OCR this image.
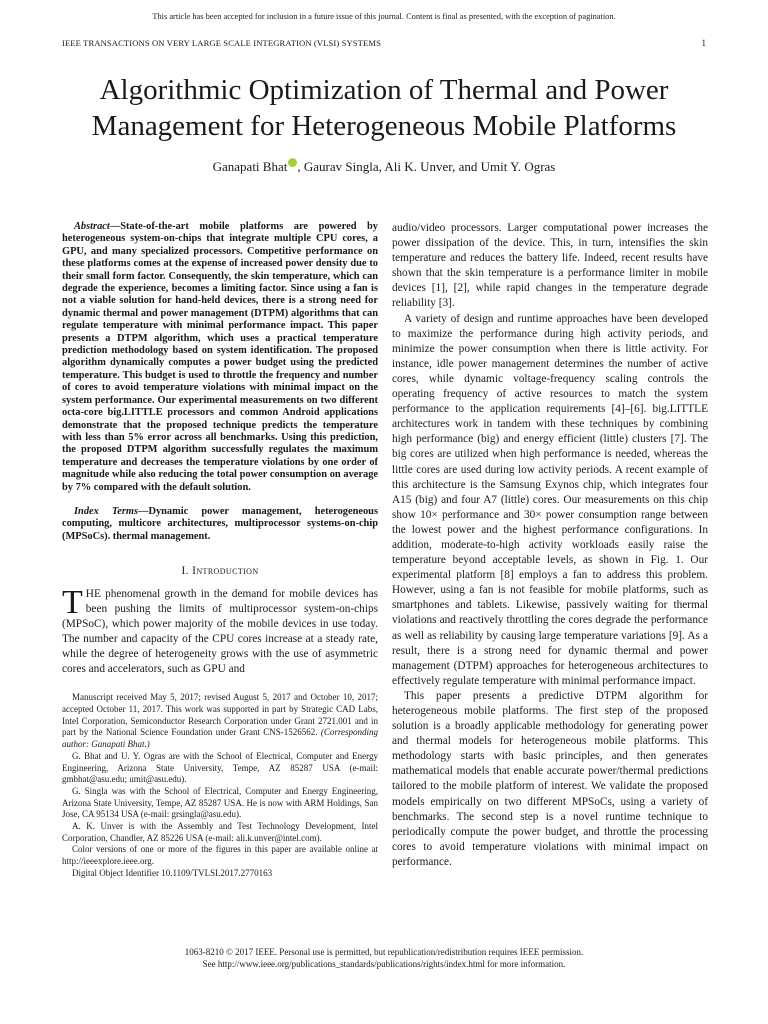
This article has been accepted for inclusion in a future issue of this journal. Content is final as presented, with the exception of pagination.
IEEE TRANSACTIONS ON VERY LARGE SCALE INTEGRATION (VLSI) SYSTEMS	1
Algorithmic Optimization of Thermal and Power
Management for Heterogeneous Mobile Platforms
Ganapati Bhat , Gaurav Singla, Ali K. Unver, and Umit Y. Ogras

Abstract—State-of-the-art mobile platforms are powered by heterogeneous system-on-chips that integrate multiple CPU cores, a GPU, and many specialized processors. Competitive performance on these platforms comes at the expense of increased power density due to their small form factor. Consequently, the skin temperature, which can degrade the experience, becomes a limiting factor. Since using a fan is not a viable solution for hand-held devices, there is a strong need for dynamic thermal and power management (DTPM) algorithms that can regulate temperature with minimal performance impact. This paper presents a DTPM algorithm, which uses a practical temperature prediction methodology based on system identification. The proposed algorithm dynamically computes a power budget using the predicted temperature. This budget is used to throttle the frequency and number of cores to avoid temperature violations with minimal impact on the system performance. Our experimental measurements on two different octa-core big.LITTLE processors and common Android applications demonstrate that the proposed technique predicts the temperature with less than 5% error across all benchmarks. Using this prediction, the proposed DTPM algorithm successfully regulates the maximum temperature and decreases the temperature violations by one order of magnitude while also reducing the total power consumption on average by 7% compared with the default solution.

Index Terms—Dynamic power management, heterogeneous computing, multicore architectures, multiprocessor systems-on-chip (MPSoCs). thermal management.

I. Introduction

THE phenomenal growth in the demand for mobile devices has been pushing the limits of multiprocessor system-on-chips (MPSoC), which power majority of the mobile devices in use today. The number and capacity of the CPU cores increase at a steady rate, while the degree of heterogeneity grows with the use of asymmetric cores and accelerators, such as GPU and

Manuscript received May 5, 2017; revised August 5, 2017 and October 10, 2017; accepted October 11, 2017. This work was supported in part by Strategic CAD Labs, Intel Corporation, Semiconductor Research Corporation under Grant 2721.001 and in part by the National Science Foundation under Grant CNS-1526562. (Corresponding author: Ganapati Bhat.)

G. Bhat and U. Y. Ogras are with the School of Electrical, Computer and Energy Engineering, Arizona State University, Tempe, AZ 85287 USA (e-mail: gmbhat@asu.edu; umit@asu.edu).

G. Singla was with the School of Electrical, Computer and Energy Engineering, Arizona State University, Tempe, AZ 85287 USA. He is now with ARM Holdings, San Jose, CA 95134 USA (e-mail: grsingla@asu.edu).

A. K. Unver is with the Assembly and Test Technology Development, Intel Corporation, Chandler, AZ 85226 USA (e-mail: ali.k.unver@intel.com).

Color versions of one or more of the figures in this paper are available online at http://ieeexplore.ieee.org.

Digital Object Identifier 10.1109/TVLSI.2017.2770163

audio/video processors. Larger computational power increases the power dissipation of the device. This, in turn, intensifies the skin temperature and reduces the battery life. Indeed, recent results have shown that the skin temperature is a performance limiter in mobile devices [1], [2], while rapid changes in the temperature degrade reliability [3].

A variety of design and runtime approaches have been developed to maximize the performance during high activity periods, and minimize the power consumption when there is little activity. For instance, idle power management determines the number of active cores, while dynamic voltage-frequency scaling controls the operating frequency of active resources to match the system performance to the application requirements [4]–[6]. big.LITTLE architectures work in tandem with these techniques by combining high performance (big) and energy efficient (little) clusters [7]. The big cores are utilized when high performance is needed, whereas the little cores are used during low activity periods. A recent example of this architecture is the Samsung Exynos chip, which integrates four A15 (big) and four A7 (little) cores. Our measurements on this chip show 10× performance and 30× power consumption range between the lowest power and the highest performance configurations. In addition, moderate-to-high activity workloads easily raise the temperature beyond acceptable levels, as shown in Fig. 1. Our experimental platform [8] employs a fan to address this problem. However, using a fan is not feasible for mobile platforms, such as smartphones and tablets. Likewise, passively waiting for thermal violations and reactively throttling the cores degrade the performance as well as reliability by causing large temperature variations [9]. As a result, there is a strong need for dynamic thermal and power management (DTPM) approaches for heterogeneous architectures to effectively regulate temperature with minimal performance impact.

This paper presents a predictive DTPM algorithm for heterogeneous mobile platforms. The first step of the proposed solution is a broadly applicable methodology for generating power and thermal models for heterogeneous mobile platforms. This methodology starts with basic principles, and then generates mathematical models that enable accurate power/thermal predictions tailored to the mobile platform of interest. We validate the proposed models empirically on two different MPSoCs, using a variety of benchmarks. The second step is a novel runtime technique to periodically compute the power budget, and throttle the processing cores to avoid temperature violations with minimal impact on performance.

1063-8210 © 2017 IEEE. Personal use is permitted, but republication/redistribution requires IEEE permission.
See http://www.ieee.org/publications_standards/publications/rights/index.html for more information.
